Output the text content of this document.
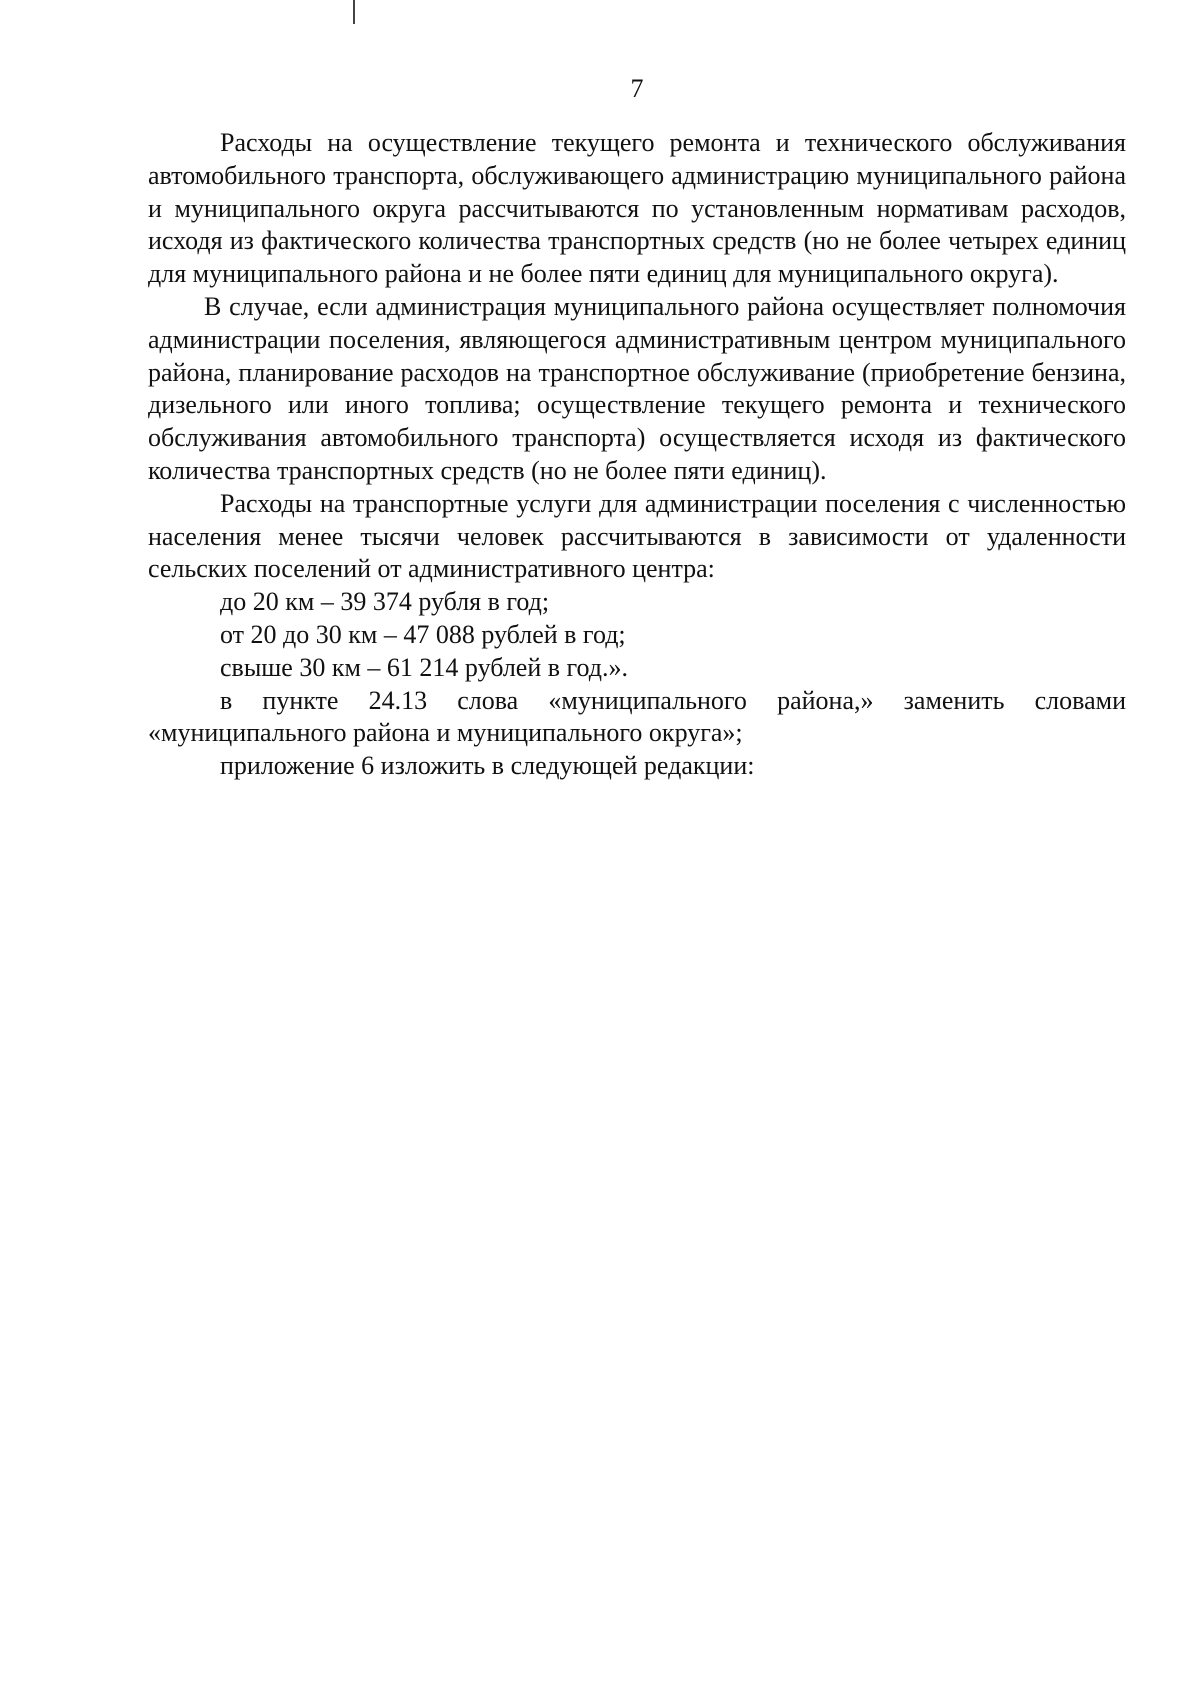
7

Расходы на осуществление текущего ремонта и технического обслуживания автомобильного транспорта, обслуживающего администрацию муниципального района и муниципального округа рассчитываются по установленным нормативам расходов, исходя из фактического количества транспортных средств (но не более четырех единиц для муниципального района и не более пяти единиц для муниципального округа).

В случае, если администрация муниципального района осуществляет полномочия администрации поселения, являющегося административным центром муниципального района, планирование расходов на транспортное обслуживание (приобретение бензина, дизельного или иного топлива; осуществление текущего ремонта и технического обслуживания автомобильного транспорта) осуществляется исходя из фактического количества транспортных средств (но не более пяти единиц).

Расходы на транспортные услуги для администрации поселения с численностью населения менее тысячи человек рассчитываются в зависимости от удаленности сельских поселений от административного центра:

до 20 км – 39 374 рубля в год;

от 20 до 30 км – 47 088 рублей в год;

свыше 30 км – 61 214 рублей в год.».

в пункте 24.13 слова «муниципального района,» заменить словами «муниципального района и муниципального округа»;

приложение 6 изложить в следующей редакции:
